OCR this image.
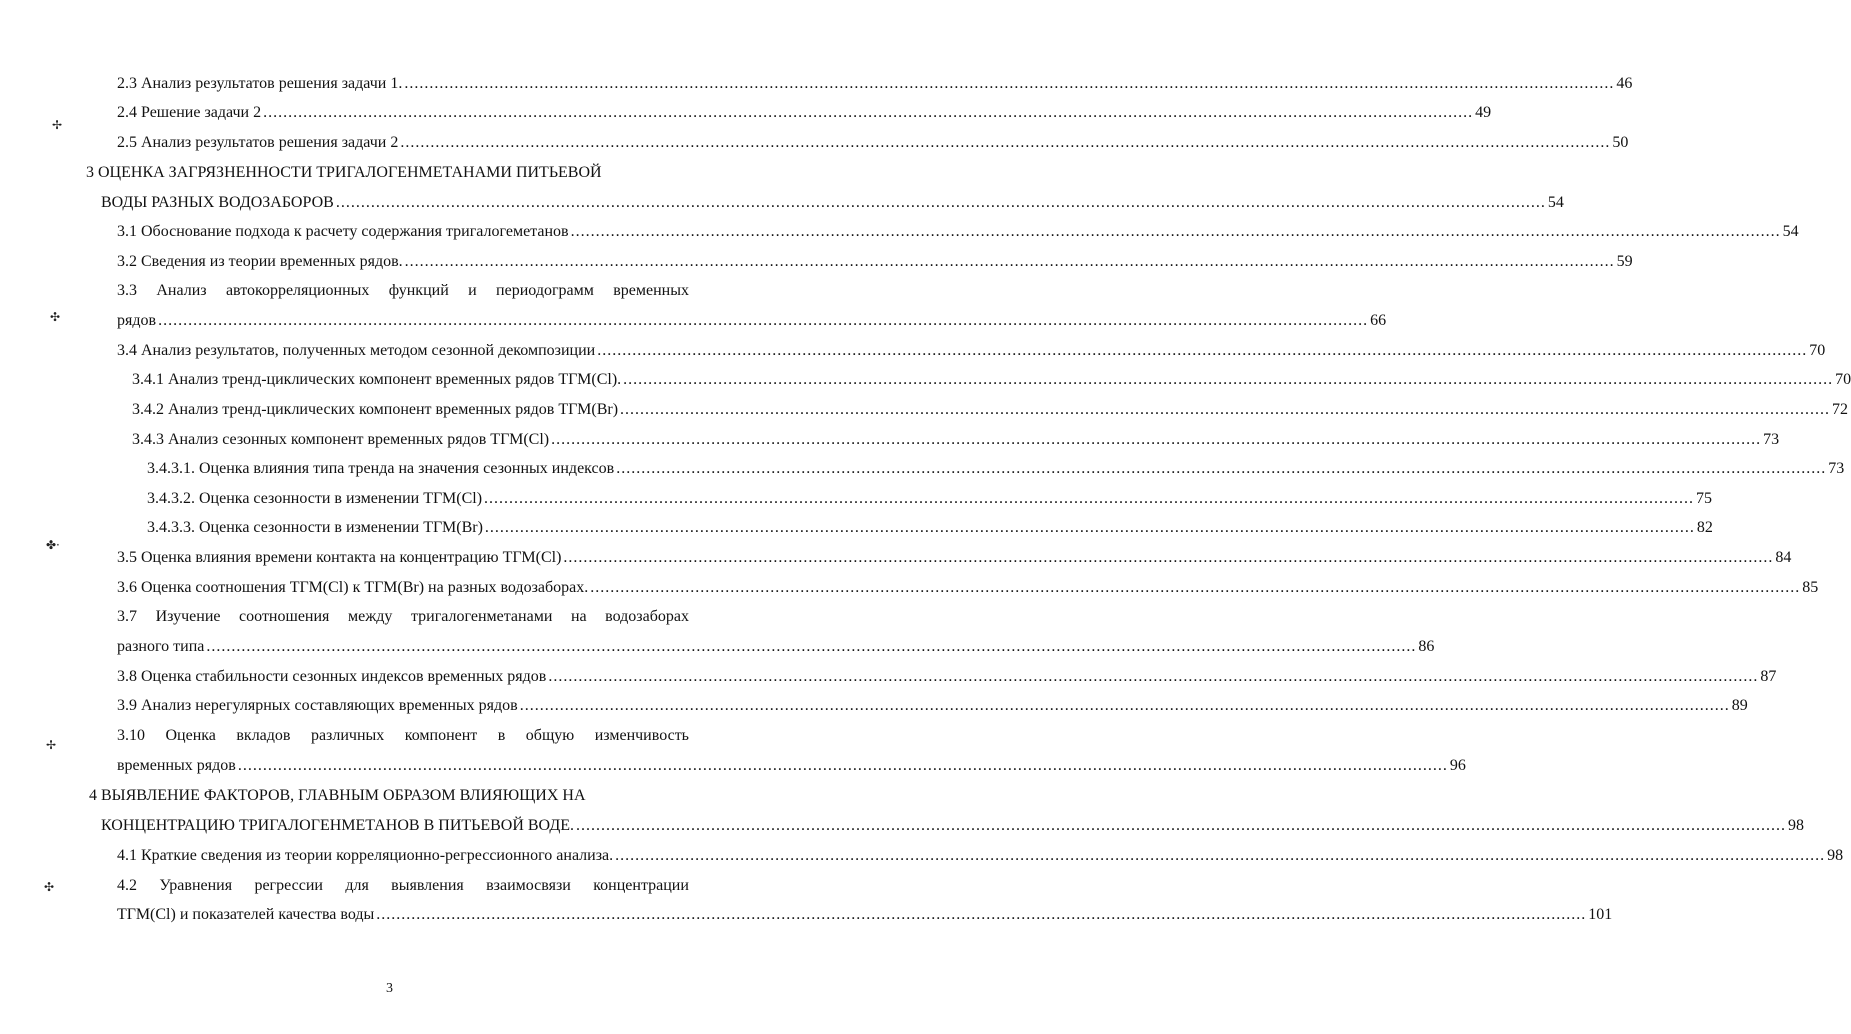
2.3 Анализ результатов решения задачи 1. .....	46
2.4 Решение задачи 2 .....	49
2.5 Анализ результатов решения задачи 2 .....	50
3 ОЦЕНКА ЗАГРЯЗНЕННОСТИ ТРИГАЛОГЕНМЕТАНАМИ ПИТЬЕВОЙ
ВОДЫ РАЗНЫХ ВОДОЗАБОРОВ .....	54
3.1 Обоснование подхода к расчету содержания тригалогеметанов .....	54
3.2 Сведения из теории временных рядов. .....	59
3.3 Анализ автокорреляционных функций и периодограмм временных
рядов .....	66
3.4 Анализ результатов, полученных методом сезонной декомпозиции .....	70
3.4.1 Анализ тренд-циклических компонент временных рядов ТГМ(Cl). .....	70
3.4.2 Анализ тренд-циклических компонент временных рядов ТГМ(Br) .....	72
3.4.3 Анализ сезонных компонент временных рядов ТГМ(Cl) .....	73
3.4.3.1. Оценка влияния типа тренда на значения сезонных индексов .....	73
3.4.3.2. Оценка сезонности в изменении ТГМ(Cl) .....	75
3.4.3.3. Оценка сезонности в изменении ТГМ(Br) .....	82
3.5 Оценка влияния времени контакта на концентрацию ТГМ(Cl) .....	84
3.6 Оценка соотношения ТГМ(Cl) к ТГМ(Br) на разных водозаборах. .....	85
3.7 Изучение соотношения между тригалогенметанами на водозаборах
разного типа .....	86
3.8 Оценка стабильности сезонных индексов временных рядов .....	87
3.9 Анализ нерегулярных составляющих временных рядов .....	89
3.10 Оценка вкладов различных компонент в общую изменчивость
временных рядов .....	96
4 ВЫЯВЛЕНИЕ ФАКТОРОВ, ГЛАВНЫМ ОБРАЗОМ ВЛИЯЮЩИХ НА
КОНЦЕНТРАЦИЮ ТРИГАЛОГЕНМЕТАНОВ В ПИТЬЕВОЙ ВОДЕ. .....	98
4.1 Краткие сведения из теории корреляционно-регрессионного анализа. .....	98
4.2 Уравнения регрессии для выявления взаимосвязи концентрации
ТГМ(Cl) и показателей качества воды .....	101
✢
✣
✤·
✢
✣
3
